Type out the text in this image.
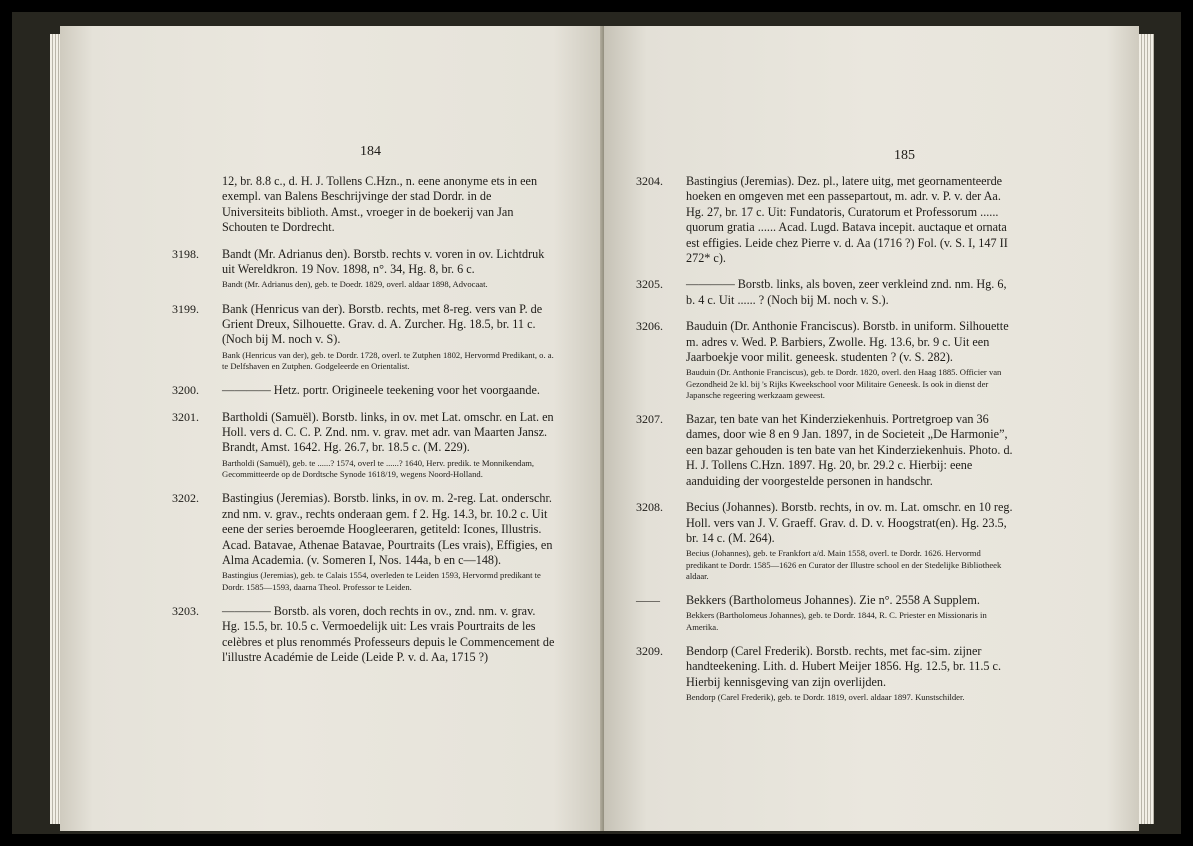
184
12, br. 8.8 c., d. H. J. Tollens C.Hzn., n. eene anonyme ets in een exempl. van Balens Beschrijvinge der stad Dordr. in de Universiteits biblioth. Amst., vroeger in de boekerij van Jan Schouten te Dordrecht.
3198. Bandt (Mr. Adrianus den). Borstb. rechts v. voren in ov. Lichtdruk uit Wereldkron. 19 Nov. 1898, n°. 34, Hg. 8, br. 6 c.
Bandt (Mr. Adrianus den), geb. te Doedr. 1829, overl. aldaar 1898, Advocaat.
3199. Bank (Henricus van der). Borstb. rechts, met 8-reg. vers van P. de Grient Dreux, Silhouette. Grav. d. A. Zurcher. Hg. 18.5, br. 11 c. (Noch bij M. noch v. S).
Bank (Henricus van der), geb. te Dordr. 1728, overl. te Zutphen 1802, Hervormd Predikant, o. a. te Delfshaven en Zutphen. Godgeleerde en Orientalist.
3200. ———— Hetz. portr. Origineele teekening voor het voorgaande.
3201. Bartholdi (Samuël). Borstb. links, in ov. met Lat. omschr. en Lat. en Holl. vers d. C. C. P. Znd. nm. v. grav. met adr. van Maarten Jansz. Brandt, Amst. 1642. Hg. 26.7, br. 18.5 c. (M. 229).
Bartholdi (Samuël), geb. te ......? 1574, overl te ......? 1640, Herv. predik. te Monnikendam, Gecommitteerde op de Dordtsche Synode 1618/19, wegens Noord-Holland.
3202. Bastingius (Jeremias). Borstb. links, in ov. m. 2-reg. Lat. onderschr. znd nm. v. grav., rechts onderaan gem. f 2. Hg. 14.3, br. 10.2 c. Uit eene der series beroemde Hoogleeraren, getiteld: Icones, Illustris. Acad. Batavae, Athenae Batavae, Pourtraits (Les vrais), Effigies, en Alma Academia. (v. Someren I, Nos. 144a, b en c—148).
Bastingius (Jeremias), geb. te Calais 1554, overleden te Leiden 1593, Hervormd predikant te Dordr. 1585—1593, daarna Theol. Professor te Leiden.
3203. ———— Borstb. als voren, doch rechts in ov., znd. nm. v. grav. Hg. 15.5, br. 10.5 c. Vermoedelijk uit: Les vrais Pourtraits de les celèbres et plus renommés Professeurs depuis le Commencement de l'illustre Académie de Leide (Leide P. v. d. Aa, 1715 ?)
185
3204. Bastingius (Jeremias). Dez. pl., latere uitg, met geornamenteerde hoeken en omgeven met een passepartout, m. adr. v. P. v. der Aa. Hg. 27, br. 17 c. Uit: Fundatoris, Curatorum et Professorum ...... quorum gratia ...... Acad. Lugd. Batava incepit. auctaque et ornata est effigies. Leide chez Pierre v. d. Aa (1716 ?) Fol. (v. S. I, 147 II 272* c).
3205. ———— Borstb. links, als boven, zeer verkleind znd. nm. Hg. 6, b. 4 c. Uit ...... ? (Noch bij M. noch v. S.).
3206. Bauduin (Dr. Anthonie Franciscus). Borstb. in uniform. Silhouette m. adres v. Wed. P. Barbiers, Zwolle. Hg. 13.6, br. 9 c. Uit een Jaarboekje voor milit. geneesk. studenten ? (v. S. 282).
Bauduin (Dr. Anthonie Franciscus), geb. te Dordr. 1820, overl. den Haag 1885. Officier van Gezondheid 2e kl. bij 's Rijks Kweekschool voor Militaire Geneesk. Is ook in dienst der Japansche regeering werkzaam geweest.
3207. Bazar, ten bate van het Kinderziekenhuis. Portretgroep van 36 dames, door wie 8 en 9 Jan. 1897, in de Societeit „De Harmonie”, een bazar gehouden is ten bate van het Kinderziekenhuis. Photo. d. H. J. Tollens C.Hzn. 1897. Hg. 20, br. 29.2 c. Hierbij: eene aanduiding der voorgestelde personen in handschr.
3208. Becius (Johannes). Borstb. rechts, in ov. m. Lat. omschr. en 10 reg. Holl. vers van J. V. Graeff. Grav. d. D. v. Hoogstrat(en). Hg. 23.5, br. 14 c. (M. 264).
Becius (Johannes), geb. te Frankfort a/d. Main 1558, overl. te Dordr. 1626. Hervormd predikant te Dordr. 1585—1626 en Curator der Illustre school en der Stedelijke Bibliotheek aldaar.
—— Bekkers (Bartholomeus Johannes). Zie n°. 2558 A Supplem.
Bekkers (Bartholomeus Johannes), geb. te Dordr. 1844, R. C. Priester en Missionaris in Amerika.
3209. Bendorp (Carel Frederik). Borstb. rechts, met fac-sim. zijner handteekening. Lith. d. Hubert Meijer 1856. Hg. 12.5, br. 11.5 c. Hierbij kennisgeving van zijn overlijden.
Bendorp (Carel Frederik), geb. te Dordr. 1819, overl. aldaar 1897. Kunstschilder.
